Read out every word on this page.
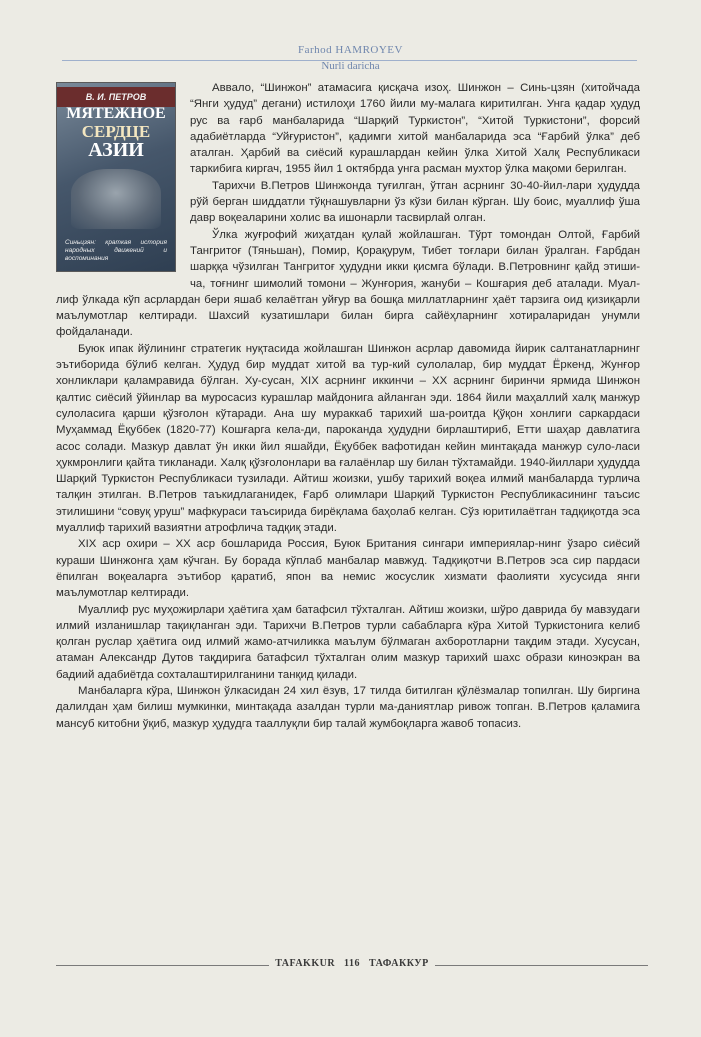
Farhod HAMROYEV
Nurli daricha
В. И. ПЕТРОВ
МЯТЕЖНОЕ
СЕРДЦЕ
АЗИИ
Синьцзян: краткая история народных движений и воспоминания

Аввало, “Шинжон” атамасига қисқача изоҳ. Шинжон – Синь-цзян (хитойчада “Янги ҳудуд” дегани) истилоҳи 1760 йили му-малага киритилган. Унга қадар ҳудуд рус ва ғарб манбаларида “Шарқий Туркистон”, “Хитой Туркистони”, форсий адабиётларда “Уйғуристон”, қадимги хитой манбаларида эса “Ғарбий ўлка” деб аталган. Ҳарбий ва сиёсий курашлардан кейин ўлка Хитой Халқ Республикаси таркибига киргач, 1955 йил 1 октябрда унга расман мухтор ўлка мақоми берилган.

Тарихчи В.Петров Шинжонда туғилган, ўтган асрнинг 30-40-йил-лари ҳудудда рўй берган шиддатли тўқнашувларни ўз кўзи билан кўрган. Шу боис, муаллиф ўша давр воқеаларини холис ва ишонарли тасвирлай олган.

Ўлка жуғрофий жиҳатдан қулай жойлашган. Тўрт томондан Олтой, Ғарбий Тангритоғ (Тяньшан), Помир, Қорақурум, Тибет тоғлари билан ўралган. Ғарбдан шарққа чўзилган Тангритоғ ҳудудни икки қисмга бўлади. В.Петровнинг қайд этиши-ча, тоғнинг шимолий томони – Жунғория, жануби – Кошғария деб аталади. Муал-лиф ўлкада кўп асрлардан бери яшаб келаётган уйғур ва бошқа миллатларнинг ҳаёт тарзига оид қизиқарли маълумотлар келтиради. Шахсий кузатишлари билан бирга сайёҳларнинг хотираларидан унумли фойдаланади.

Буюк ипак йўлининг стратегик нуқтасида жойлашган Шинжон асрлар давомида йирик салтанатларнинг эътиборида бўлиб келган. Ҳудуд бир муддат хитой ва тур-кий сулолалар, бир муддат Ёркенд, Жунғор хонликлари қаламравида бўлган. Ху-сусан, XIX асрнинг иккинчи – XX асрнинг биринчи ярмида Шинжон қалтис сиёсий ўйинлар ва муросасиз курашлар майдонига айланган эди. 1864 йили маҳаллий халқ манжур сулоласига қарши қўзғолон кўтаради. Ана шу мураккаб тарихий ша-роитда Қўқон хонлиги саркардаси Муҳаммад Ёқуббек (1820-77) Кошғарга кела-ди, пароканда ҳудудни бирлаштириб, Етти шаҳар давлатига асос солади. Мазкур давлат ўн икки йил яшайди, Ёқуббек вафотидан кейин минтақада манжур суло-ласи ҳукмронлиги қайта тикланади. Халқ қўзғолонлари ва ғалаёнлар шу билан тўхтамайди. 1940-йиллари ҳудудда Шарқий Туркистон Республикаси тузилади. Айтиш жоизки, ушбу тарихий воқеа илмий манбаларда турлича талқин этилган. В.Петров таъкидлаганидек, Ғарб олимлари Шарқий Туркистон Республикасининг таъсис этилишини “совуқ уруш” мафкураси таъсирида бирёқлама баҳолаб келган. Сўз юритилаётган тадқиқотда эса муаллиф тарихий вазиятни атрофлича тадқиқ этади.

XIX аср охири – XX аср бошларида Россия, Буюк Британия сингари империялар-нинг ўзаро сиёсий кураши Шинжонга ҳам кўчган. Бу борада кўплаб манбалар мавжуд. Тадқиқотчи В.Петров эса сир пардаси ёпилган воқеаларга эътибор қаратиб, япон ва немис жосуслик хизмати фаолияти хусусида янги маълумотлар келтиради.

Муаллиф рус муҳожирлари ҳаётига ҳам батафсил тўхталган. Айтиш жоизки, шўро даврида бу мавзудаги илмий изланишлар тақиқланган эди. Тарихчи В.Петров турли сабабларга кўра Хитой Туркистонига келиб қолган руслар ҳаётига оид илмий жамо-атчиликка маълум бўлмаган ахборотларни тақдим этади. Хусусан, атаман Александр Дутов тақдирига батафсил тўхталган олим мазкур тарихий шахс образи киноэкран ва бадиий адабиётда сохталаштирилганини танқид қилади.

Манбаларга кўра, Шинжон ўлкасидан 24 хил ёзув, 17 тилда битилган қўлёзмалар топилган. Шу биргина далилдан ҳам билиш мумкинки, минтақада азалдан турли ма-даниятлар ривож топган. В.Петров қаламига мансуб китобни ўқиб, мазкур ҳудудга тааллуқли бир талай жумбоқларга жавоб топасиз.

TAFAKKUR 116 ТАФАККУР
